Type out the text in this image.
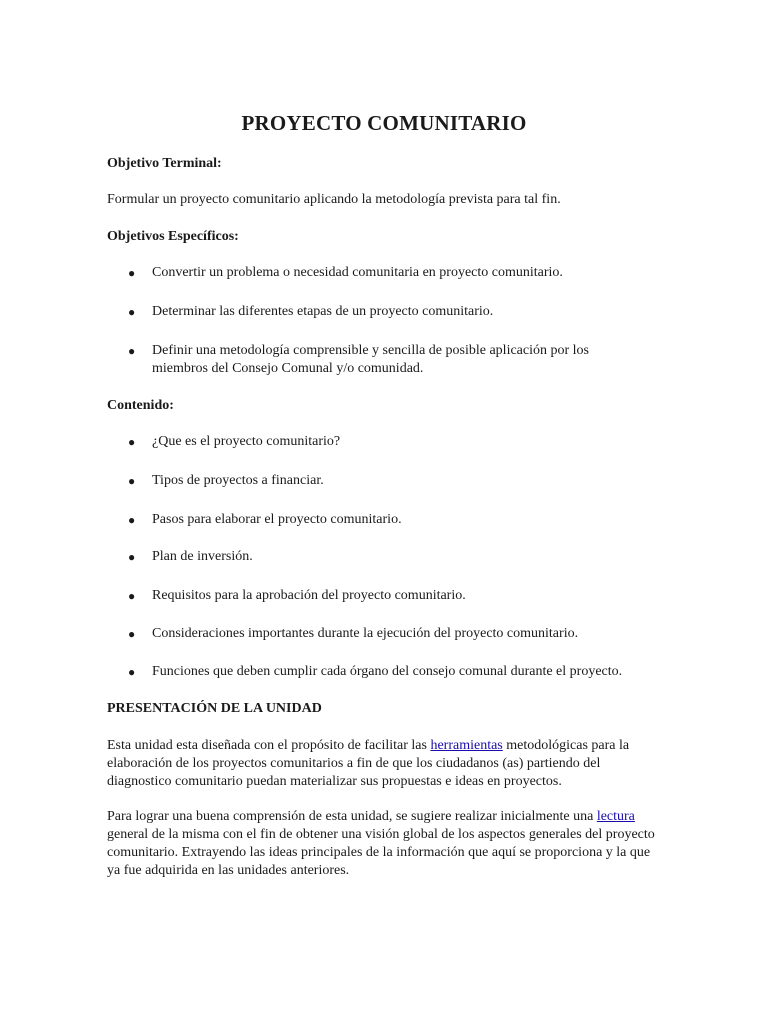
PROYECTO COMUNITARIO

Objetivo Terminal:

Formular un proyecto comunitario aplicando la metodología prevista para tal fin.

Objetivos Específicos:

● Convertir un problema o necesidad comunitaria en proyecto comunitario.
● Determinar las diferentes etapas de un proyecto comunitario.
● Definir una metodología comprensible y sencilla de posible aplicación por los miembros del Consejo Comunal y/o comunidad.

Contenido:

● ¿Que es el proyecto comunitario?
● Tipos de proyectos a financiar.
● Pasos para elaborar el proyecto comunitario.
● Plan de inversión.
● Requisitos para la aprobación del proyecto comunitario.
● Consideraciones importantes durante la ejecución del proyecto comunitario.
● Funciones que deben cumplir cada órgano del consejo comunal durante el proyecto.

PRESENTACIÓN DE LA UNIDAD

Esta unidad esta diseñada con el propósito de facilitar las herramientas metodológicas para la elaboración de los proyectos comunitarios a fin de que los ciudadanos (as) partiendo del diagnostico comunitario puedan materializar sus propuestas e ideas en proyectos.

Para lograr una buena comprensión de esta unidad, se sugiere realizar inicialmente una lectura general de la misma con el fin de obtener una visión global de los aspectos generales del proyecto comunitario. Extrayendo las ideas principales de la información que aquí se proporciona y la que ya fue adquirida en las unidades anteriores.
